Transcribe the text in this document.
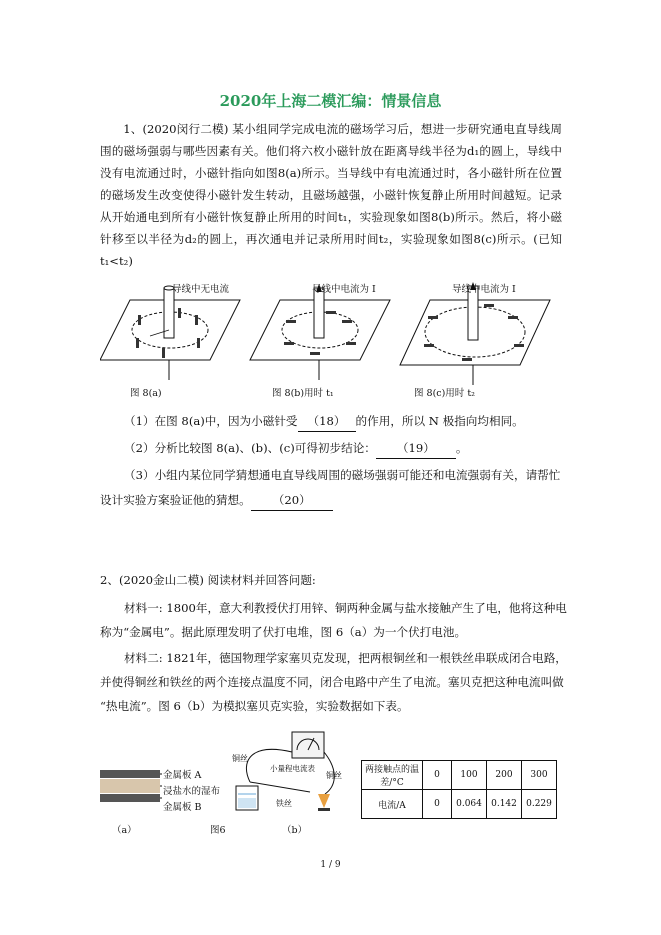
2020年上海二模汇编：情景信息
1、(2020闵行二模) 某小组同学完成电流的磁场学习后，想进一步研究通电直导线周围的磁场强弱与哪些因素有关。他们将六枚小磁针放在距离导线半径为d₁的圆上，导线中没有电流通过时，小磁针指向如图8(a)所示。当导线中有电流通过时，各小磁针所在位置的磁场发生改变使得小磁针发生转动，且磁场越强，小磁针恢复静止所用时间越短。记录从开始通电到所有小磁针恢复静止所用的时间t₁，实验现象如图8(b)所示。然后，将小磁针移至以半径为d₂的圆上，再次通电并记录所用时间t₂，实验现象如图8(c)所示。(已知t₁<t₂)
导线中无电流	导线中电流为 I	导线中电流为 I
图 8(a)	图 8(b)用时 t₁	图 8(c)用时 t₂
（1）在图 8(a)中，因为小磁针受 （18） 的作用，所以 N 极指向均相同。
（2）分析比较图 8(a)、(b)、(c)可得初步结论： （19） 。
（3）小组内某位同学猜想通电直导线周围的磁场强弱可能还和电流强弱有关，请帮忙
设计实验方案验证他的猜想。 （20）
2、(2020金山二模) 阅读材料并回答问题:
材料一: 1800年，意大利教授伏打用锌、铜两种金属与盐水接触产生了电，他将这种电
称为“金属电”。据此原理发明了伏打电堆，图 6（a）为一个伏打电池。
材料二: 1821年，德国物理学家塞贝克发现，把两根铜丝和一根铁丝串联成闭合电路，
并使得铜丝和铁丝的两个连接点温度不同，闭合电路中产生了电流。塞贝克把这种电流叫做
“热电流”。图 6（b）为模拟塞贝克实验，实验数据如下表。
金属板 A
浸盐水的湿布
金属板 B
（a）	图6	（b）
铜丝
铜丝
铁丝
小量程电流表	两接触点的温差/°C	0	100	200	300
电流/A	0	0.064	0.142	0.229
1 / 9
